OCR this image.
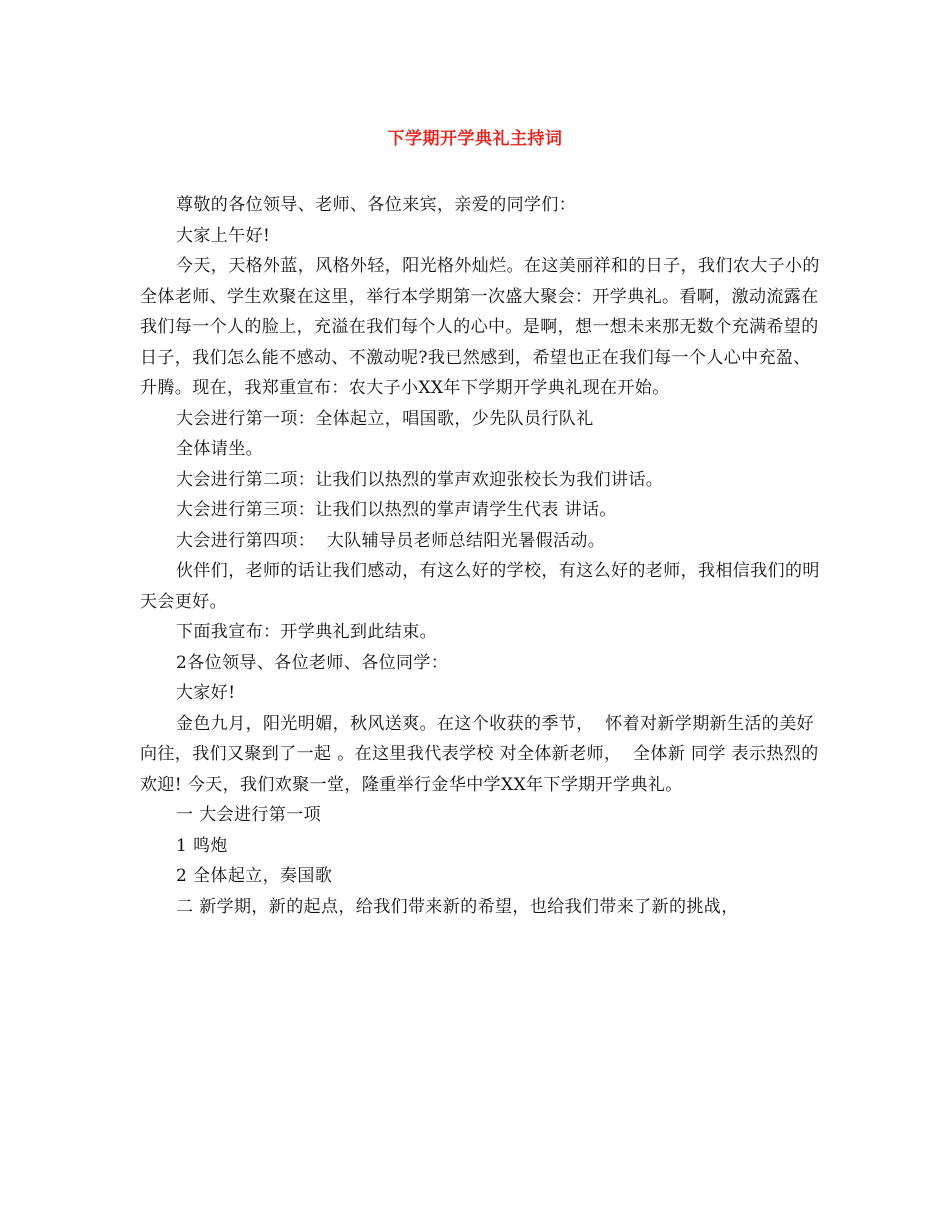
下学期开学典礼主持词

尊敬的各位领导、老师、各位来宾，亲爱的同学们：

大家上午好!

今天，天格外蓝，风格外轻，阳光格外灿烂。在这美丽祥和的日子，我们农大子小的全体老师、学生欢聚在这里，举行本学期第一次盛大聚会：开学典礼。看啊，激动流露在我们每一个人的脸上，充溢在我们每个人的心中。是啊，想一想未来那无数个充满希望的日子，我们怎么能不感动、不激动呢?我已然感到，希望也正在我们每一个人心中充盈、升腾。现在，我郑重宣布：农大子小XX年下学期开学典礼现在开始。

大会进行第一项：全体起立，唱国歌，少先队员行队礼

全体请坐。

大会进行第二项：让我们以热烈的掌声欢迎张校长为我们讲话。

大会进行第三项：让我们以热烈的掌声请学生代表 讲话。

大会进行第四项：  大队辅导员老师总结阳光暑假活动。

伙伴们，老师的话让我们感动，有这么好的学校，有这么好的老师，我相信我们的明天会更好。

下面我宣布：开学典礼到此结束。

2各位领导、各位老师、各位同学：

大家好!

金色九月，阳光明媚，秋风送爽。在这个收获的季节，  怀着对新学期新生活的美好向往，我们又聚到了一起 。在这里我代表学校 对全体新老师，  全体新 同学 表示热烈的欢迎! 今天，我们欢聚一堂，隆重举行金华中学XX年下学期开学典礼。

一 大会进行第一项

1 鸣炮

2 全体起立，奏国歌

二 新学期，新的起点，给我们带来新的希望，也给我们带来了新的挑战，
